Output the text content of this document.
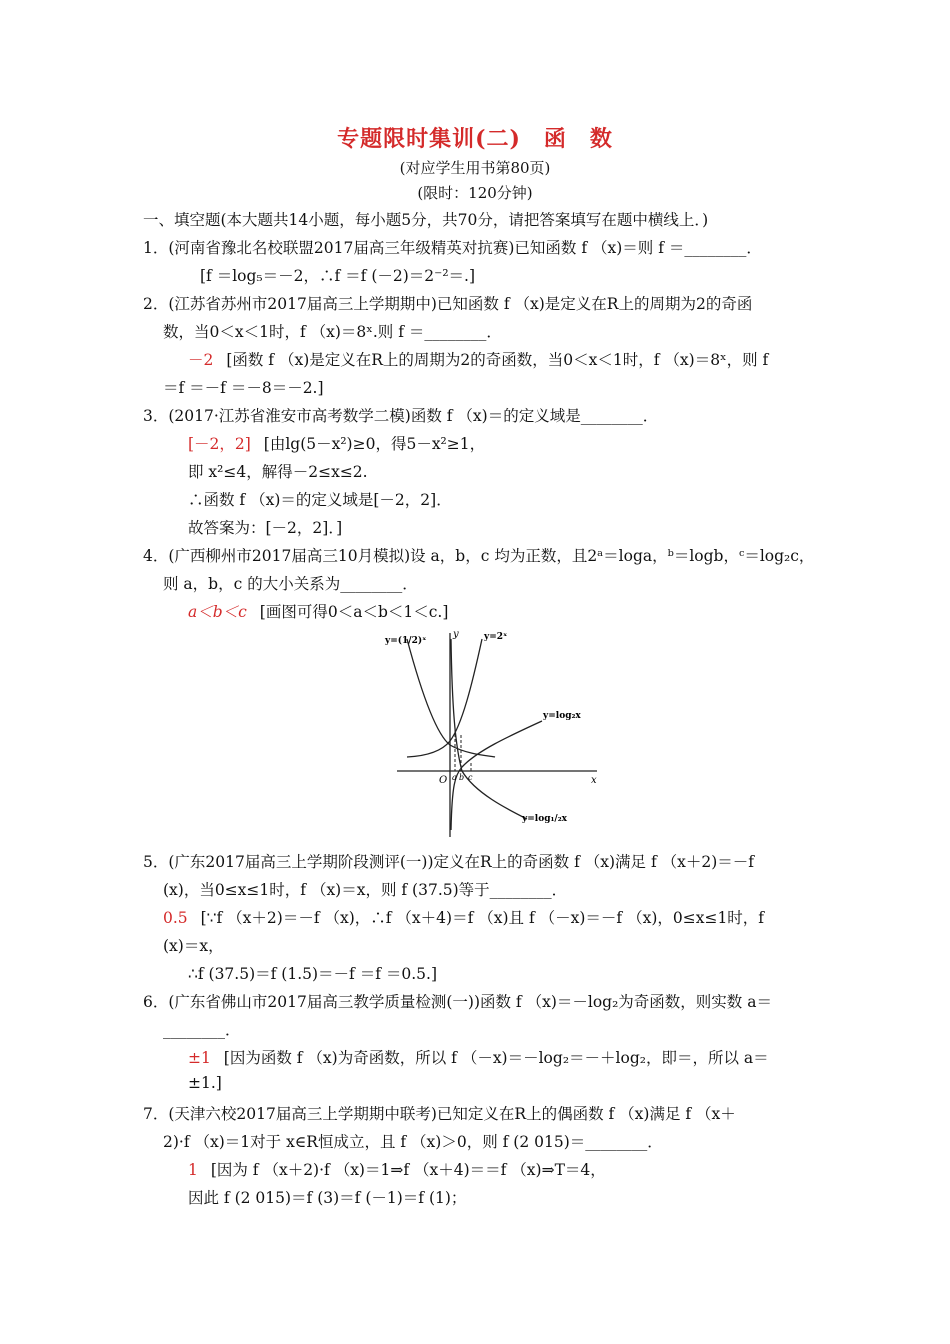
专题限时集训(二)　函　数
(对应学生用书第80页)
(限时：120分钟)
一、填空题(本大题共14小题，每小题5分，共70分，请把答案填写在题中横线上．)
1．(河南省豫北名校联盟2017届高三年级精英对抗赛)已知函数 f （x)＝则 f ＝________．
[f ＝log₅＝－2，∴f ＝f (－2)＝2⁻²＝.]
2．(江苏省苏州市2017届高三上学期期中)已知函数 f （x)是定义在R上的周期为2的奇函
数，当0＜x＜1时，f （x)＝8ˣ.则 f ＝________．
－2 [函数 f （x)是定义在R上的周期为2的奇函数，当0＜x＜1时，f （x)＝8ˣ，则 f
＝f ＝－f ＝－8＝－2.]
3．(2017·江苏省淮安市高考数学二模)函数 f （x)＝的定义域是________．
[－2，2] [由lg(5－x²)≥0，得5－x²≥1，
即 x²≤4，解得－2≤x≤2.
∴函数 f （x)＝的定义域是[－2，2]．
故答案为：[－2，2]．]
4．(广西柳州市2017届高三10月模拟)设 a，b，c 均为正数，且2ᵃ＝loga，ᵇ＝logb，ᶜ＝log₂c，
则 a，b，c 的大小关系为________．
a＜b＜c [画图可得0＜a＜b＜1＜c.]
y=(1/2)ˣ	y=2ˣ
y=log₂x
y=log₁/₂x
y
x
O a b c
5．(广东2017届高三上学期阶段测评(一))定义在R上的奇函数 f （x)满足 f （x＋2)＝－f
(x)，当0≤x≤1时，f （x)＝x，则 f (37.5)等于________．
0.5 [∵f （x＋2)＝－f （x)，∴f （x＋4)＝f （x)且 f （－x)＝－f （x)，0≤x≤1时，f
(x)＝x，
∴f (37.5)＝f (1.5)＝－f ＝f ＝0.5.]
6．(广东省佛山市2017届高三教学质量检测(一))函数 f （x)＝－log₂为奇函数，则实数 a＝
________．
±1 [因为函数 f （x)为奇函数，所以 f （－x)＝－log₂＝－＋log₂，即＝，所以 a＝
±1.]
7．(天津六校2017届高三上学期期中联考)已知定义在R上的偶函数 f （x)满足 f （x＋
2)·f （x)＝1对于 x∈R恒成立，且 f （x)＞0，则 f (2 015)＝________．
1 [因为 f （x＋2)·f （x)＝1⇒f （x＋4)＝＝f （x)⇒T＝4，
因此 f (2 015)＝f (3)＝f (－1)＝f (1)；
